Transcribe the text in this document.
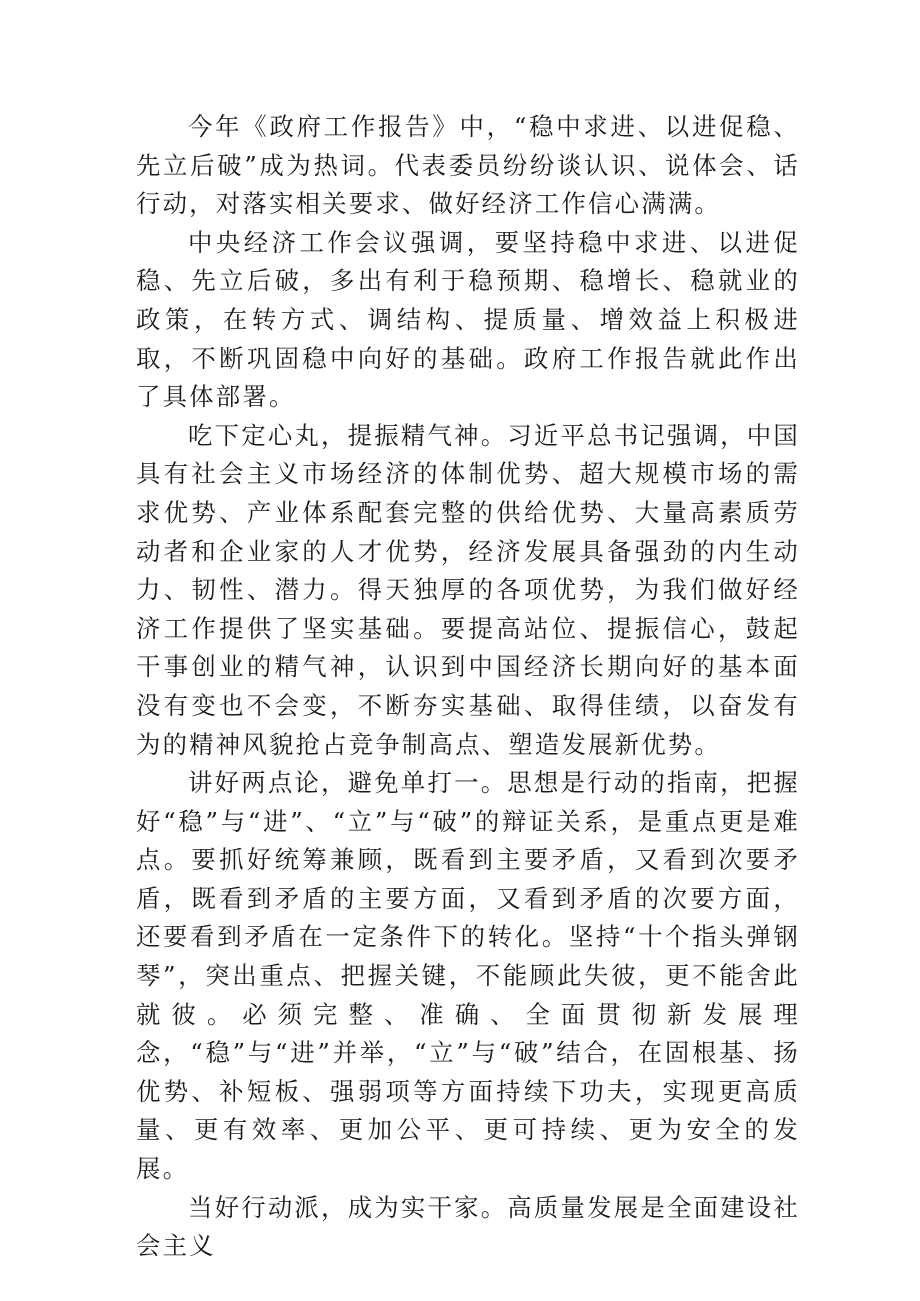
今年《政府工作报告》中，“稳中求进、以进促稳、先立后破”成为热词。代表委员纷纷谈认识、说体会、话行动，对落实相关要求、做好经济工作信心满满。

中央经济工作会议强调，要坚持稳中求进、以进促稳、先立后破，多出有利于稳预期、稳增长、稳就业的政策，在转方式、调结构、提质量、增效益上积极进取，不断巩固稳中向好的基础。政府工作报告就此作出了具体部署。

吃下定心丸，提振精气神。习近平总书记强调，中国具有社会主义市场经济的体制优势、超大规模市场的需求优势、产业体系配套完整的供给优势、大量高素质劳动者和企业家的人才优势，经济发展具备强劲的内生动力、韧性、潜力。得天独厚的各项优势，为我们做好经济工作提供了坚实基础。要提高站位、提振信心，鼓起干事创业的精气神，认识到中国经济长期向好的基本面没有变也不会变，不断夯实基础、取得佳绩，以奋发有为的精神风貌抢占竞争制高点、塑造发展新优势。

讲好两点论，避免单打一。思想是行动的指南，把握好“稳”与“进”、“立”与“破”的辩证关系，是重点更是难点。要抓好统筹兼顾，既看到主要矛盾，又看到次要矛盾，既看到矛盾的主要方面，又看到矛盾的次要方面，还要看到矛盾在一定条件下的转化。坚持“十个指头弹钢琴”，突出重点、把握关键，不能顾此失彼，更不能舍此就彼。必须完整、准确、全面贯彻新发展理念，“稳”与“进”并举，“立”与“破”结合，在固根基、扬优势、补短板、强弱项等方面持续下功夫，实现更高质量、更有效率、更加公平、更可持续、更为安全的发展。

当好行动派，成为实干家。高质量发展是全面建设社会主义
